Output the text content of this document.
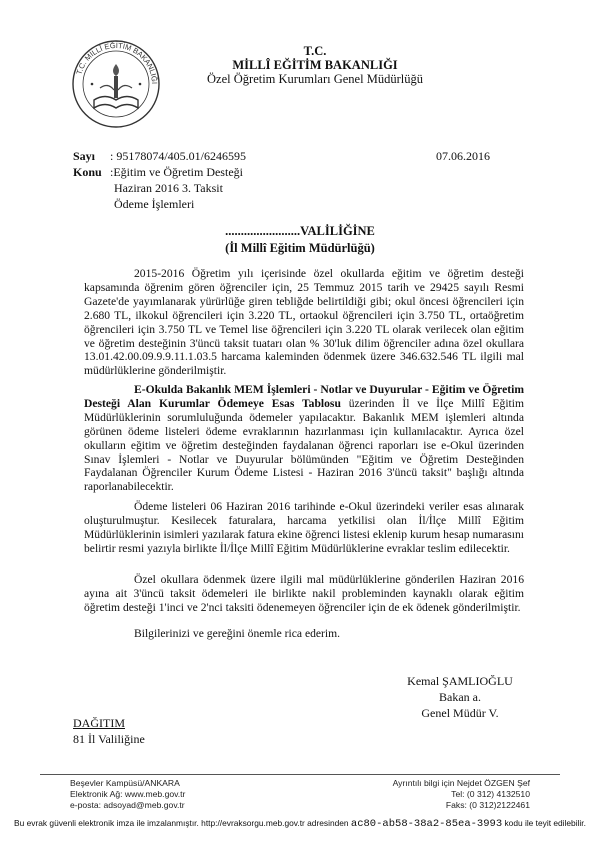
T.C. MİLLÎ EĞİTİM BAKANLIĞI
T.C.
MİLLÎ EĞİTİM BAKANLIĞI
Özel Öğretim Kurumları Genel Müdürlüğü
Sayı : 95178074/405.01/6246595	07.06.2016
Konu :Eğitim ve Öğretim Desteği
Haziran 2016 3. Taksit
Ödeme İşlemleri
........................VALİLİĞİNE
(İl Millî Eğitim Müdürlüğü)

2015-2016 Öğretim yılı içerisinde özel okullarda eğitim ve öğretim desteği kapsamında öğrenim gören öğrenciler için, 25 Temmuz 2015 tarih ve 29425 sayılı Resmi Gazete'de yayımlanarak yürürlüğe giren tebliğde belirtildiği gibi; okul öncesi öğrencileri için 2.680 TL, ilkokul öğrencileri için 3.220 TL, ortaokul öğrencileri için 3.750 TL, ortaöğretim öğrencileri için 3.750 TL ve Temel lise öğrencileri için 3.220 TL olarak verilecek olan eğitim ve öğretim desteğinin 3'üncü taksit tuatarı olan % 30'luk dilim öğrenciler adına özel okullara 13.01.42.00.09.9.9.11.1.03.5 harcama kaleminden ödenmek üzere 346.632.546 TL ilgili mal müdürlüklerine gönderilmiştir.

E-Okulda Bakanlık MEM İşlemleri - Notlar ve Duyurular - Eğitim ve Öğretim Desteği Alan Kurumlar Ödemeye Esas Tablosu üzerinden İl ve İlçe Millî Eğitim Müdürlüklerinin sorumluluğunda ödemeler yapılacaktır. Bakanlık MEM işlemleri altında görünen ödeme listeleri ödeme evraklarının hazırlanması için kullanılacaktır. Ayrıca özel okulların eğitim ve öğretim desteğinden faydalanan öğrenci raporları ise e-Okul üzerinden Sınav İşlemleri - Notlar ve Duyurular bölümünden "Eğitim ve Öğretim Desteğinden Faydalanan Öğrenciler Kurum Ödeme Listesi - Haziran 2016 3'üncü taksit" başlığı altında raporlanabilecektir.

Ödeme listeleri 06 Haziran 2016 tarihinde e-Okul üzerindeki veriler esas alınarak oluşturulmuştur. Kesilecek faturalara, harcama yetkilisi olan İl/İlçe Millî Eğitim Müdürlüklerinin isimleri yazılarak fatura ekine öğrenci listesi eklenip kurum hesap numarasını belirtir resmi yazıyla birlikte İl/İlçe Millî Eğitim Müdürlüklerine evraklar teslim edilecektir.

Özel okullara ödenmek üzere ilgili mal müdürlüklerine gönderilen Haziran 2016 ayına ait 3'üncü taksit ödemeleri ile birlikte nakil probleminden kaynaklı olarak eğitim öğretim desteği 1'inci ve 2'nci taksiti ödenemeyen öğrenciler için de ek ödenek gönderilmiştir.

Bilgilerinizi ve gereğini önemle rica ederim.

Kemal ŞAMLIOĞLU
Bakan a.
Genel Müdür V.
DAĞITIM
81 İl Valiliğine
Beşevler Kampüsü/ANKARA
Elektronik Ağ: www.meb.gov.tr
e-posta: adsoyad@meb.gov.tr
Ayrıntılı bilgi için Nejdet ÖZGEN Şef
Tel: (0 312) 4132510
Faks: (0 312)2122461
Bu evrak güvenli elektronik imza ile imzalanmıştır. http://evraksorgu.meb.gov.tr adresinden ac80-ab58-38a2-85ea-3993 kodu ile teyit edilebilir.
